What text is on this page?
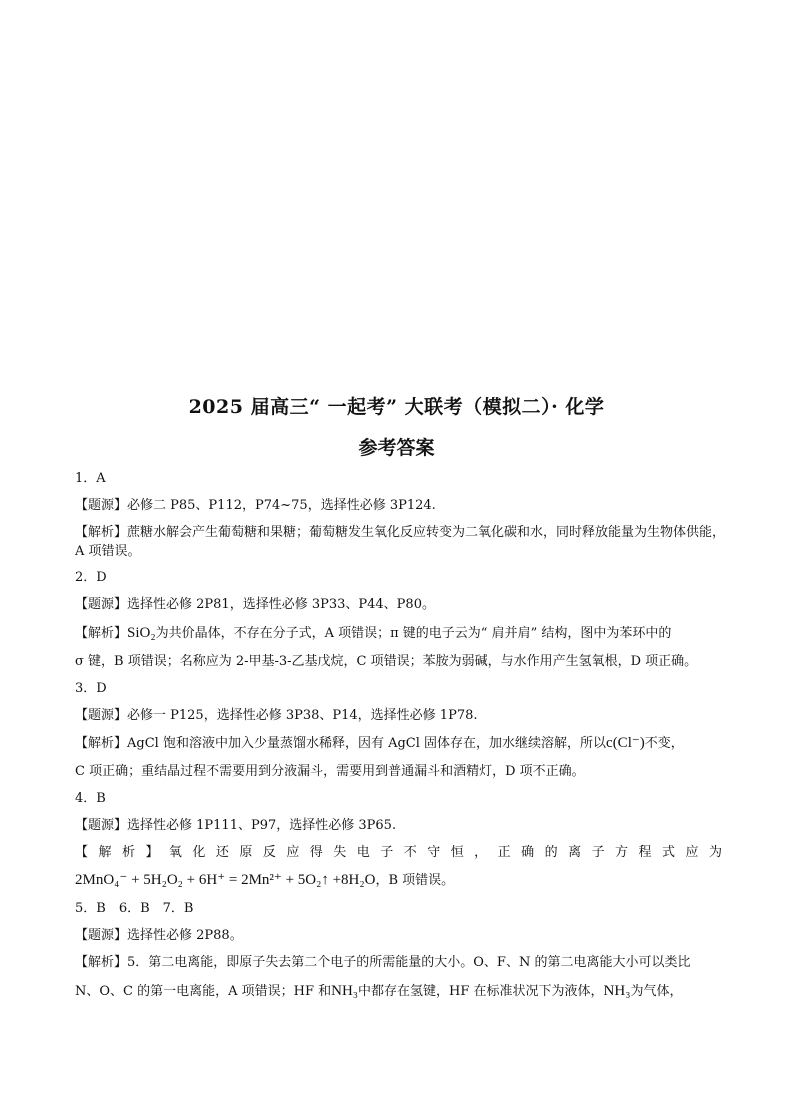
2025 届高三“ 一起考” 大联考（模拟二）· 化学
参考答案
1．A
【题源】必修二 P85、P112，P74~75，选择性必修 3P124.
【解析】蔗糖水解会产生葡萄糖和果糖；葡萄糖发生氧化反应转变为二氧化碳和水，同时释放能量为生物体供能，A 项错误。
2．D
【题源】选择性必修 2P81，选择性必修 3P33、P44、P80。
【解析】SiO₂为共价晶体，不存在分子式，A 项错误；π 键的电子云为“ 肩并肩” 结构，图中为苯环中的
σ 键，B 项错误；名称应为 2-甲基-3-乙基戊烷，C 项错误；苯胺为弱碱，与水作用产生氢氧根，D 项正确。
3．D
【题源】必修一 P125，选择性必修 3P38、P14，选择性必修 1P78.
【解析】AgCl 饱和溶液中加入少量蒸馏水稀释，因有 AgCl 固体存在，加水继续溶解，所以c(Cl⁻)不变，
C 项正确；重结晶过程不需要用到分液漏斗，需要用到普通漏斗和酒精灯，D 项不正确。
4．B
【题源】选择性必修 1P111、P97，选择性必修 3P65.
【解析】氧化还原反应得失电子不守恒，正确的离子方程式应为
2MnO₄⁻ + 5H₂O₂ + 6H⁺ = 2Mn²⁺ + 5O₂↑ +8H₂O，B 项错误。
5．B　6．B　7．B
【题源】选择性必修 2P88。
【解析】5．第二电离能，即原子失去第二个电子的所需能量的大小。O、F、N 的第二电离能大小可以类比
N、O、C 的第一电离能，A 项错误；HF 和NH₃中都存在氢键，HF 在标准状况下为液体，NH₃为气体，
